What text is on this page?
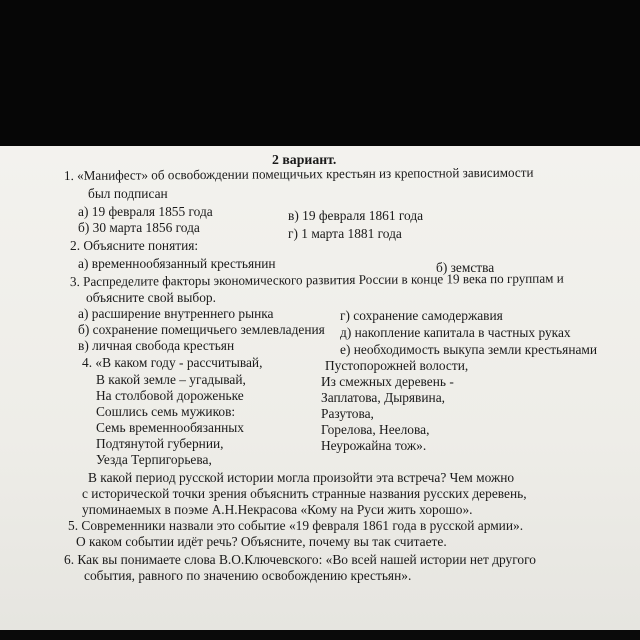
2 вариант.
1. «Манифест» об освобождении помещичьих крестьян из крепостной зависимости
был подписан
а) 19 февраля 1855 года
б) 30 марта 1856 года
в) 19 февраля 1861 года
г) 1 марта 1881 года
2. Объясните понятия:
а) временнообязанный крестьянин	б) земства
3. Распределите факторы экономического развития России в конце 19 века по группам и
объясните свой выбор.
а) расширение внутреннего рынка
б) сохранение помещичьего землевладения
в) личная свобода крестьян
г) сохранение самодержавия
д) накопление капитала в частных руках
е) необходимость выкупа земли крестьянами
4. «В каком году - рассчитывай,
В какой земле – угадывай,
На столбовой дороженьке
Сошлись семь мужиков:
Семь временнообязанных
Подтянутой губернии,
Уезда Терпигорьева,
Пустопорожней волости,
Из смежных деревень -
Заплатова, Дырявина,
Разутова,
Горелова, Неелова,
Неурожайна тож».
В какой период русской истории могла произойти эта встреча? Чем можно
с исторической точки зрения объяснить странные названия русских деревень,
упоминаемых в поэме А.Н.Некрасова «Кому на Руси жить хорошо».
5. Современники назвали это событие «19 февраля 1861 года в русской армии».
О каком событии идёт речь? Объясните, почему вы так считаете.
6. Как вы понимаете слова В.О.Ключевского: «Во всей нашей истории нет другого
события, равного по значению освобождению крестьян».
